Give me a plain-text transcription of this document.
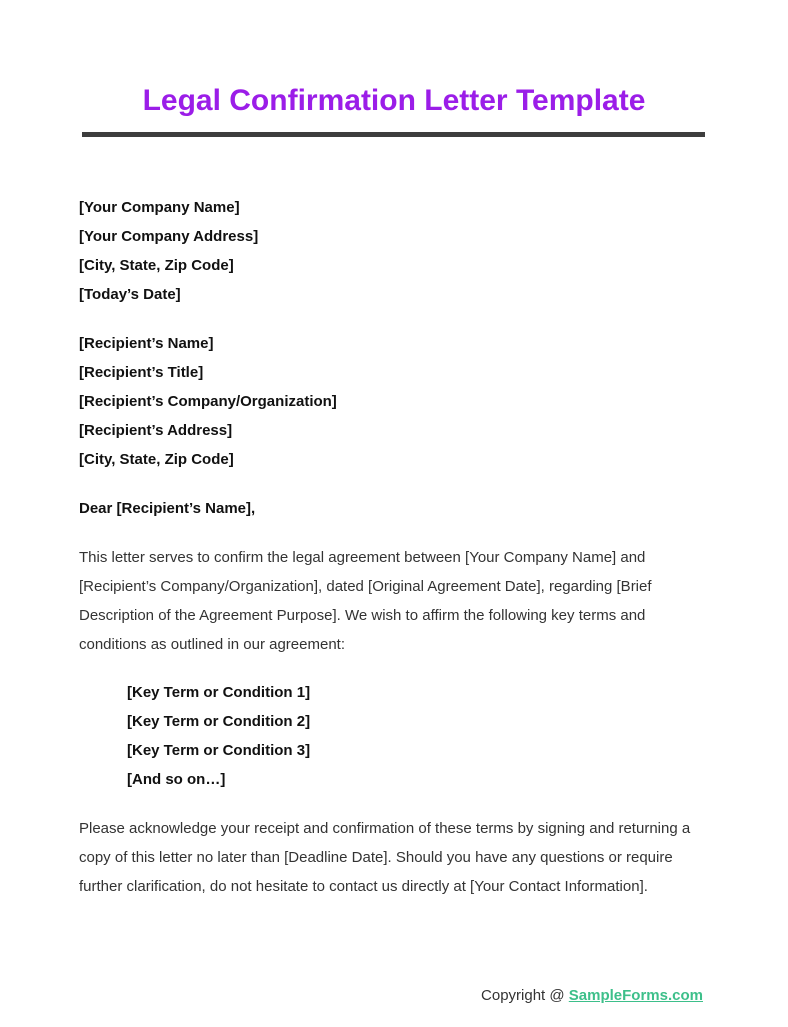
Legal Confirmation Letter Template
[Your Company Name]
[Your Company Address]
[City, State, Zip Code]
[Today’s Date]
[Recipient’s Name]
[Recipient’s Title]
[Recipient’s Company/Organization]
[Recipient’s Address]
[City, State, Zip Code]
Dear [Recipient’s Name],

This letter serves to confirm the legal agreement between [Your Company Name] and [Recipient’s Company/Organization], dated [Original Agreement Date], regarding [Brief Description of the Agreement Purpose]. We wish to affirm the following key terms and conditions as outlined in our agreement:

[Key Term or Condition 1]
[Key Term or Condition 2]
[Key Term or Condition 3]
[And so on…]

Please acknowledge your receipt and confirmation of these terms by signing and returning a copy of this letter no later than [Deadline Date]. Should you have any questions or require further clarification, do not hesitate to contact us directly at [Your Contact Information].

Copyright @ SampleForms.com
